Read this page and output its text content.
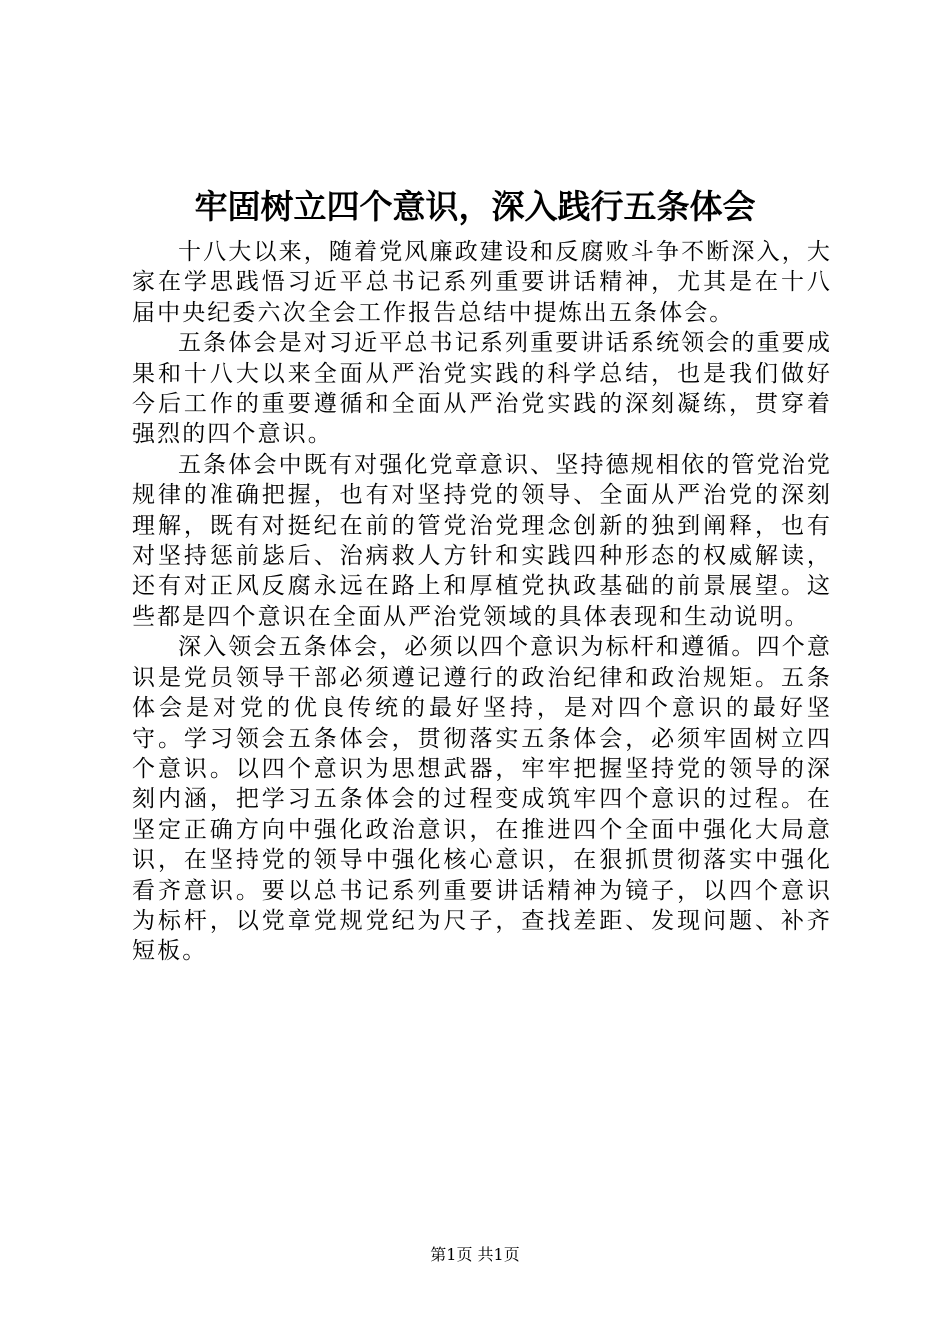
牢固树立四个意识，深入践行五条体会

十八大以来，随着党风廉政建设和反腐败斗争不断深入，大家在学思践悟习近平总书记系列重要讲话精神，尤其是在十八届中央纪委六次全会工作报告总结中提炼出五条体会。

五条体会是对习近平总书记系列重要讲话系统领会的重要成果和十八大以来全面从严治党实践的科学总结，也是我们做好今后工作的重要遵循和全面从严治党实践的深刻凝练，贯穿着强烈的四个意识。

五条体会中既有对强化党章意识、坚持德规相依的管党治党规律的准确把握，也有对坚持党的领导、全面从严治党的深刻理解，既有对挺纪在前的管党治党理念创新的独到阐释，也有对坚持惩前毖后、治病救人方针和实践四种形态的权威解读，还有对正风反腐永远在路上和厚植党执政基础的前景展望。这些都是四个意识在全面从严治党领域的具体表现和生动说明。

深入领会五条体会，必须以四个意识为标杆和遵循。四个意识是党员领导干部必须遵记遵行的政治纪律和政治规矩。五条体会是对党的优良传统的最好坚持，是对四个意识的最好坚守。学习领会五条体会，贯彻落实五条体会，必须牢固树立四个意识。以四个意识为思想武器，牢牢把握坚持党的领导的深刻内涵，把学习五条体会的过程变成筑牢四个意识的过程。在坚定正确方向中强化政治意识，在推进四个全面中强化大局意识，在坚持党的领导中强化核心意识，在狠抓贯彻落实中强化看齐意识。要以总书记系列重要讲话精神为镜子，以四个意识为标杆，以党章党规党纪为尺子，查找差距、发现问题、补齐短板。

第1页 共1页
